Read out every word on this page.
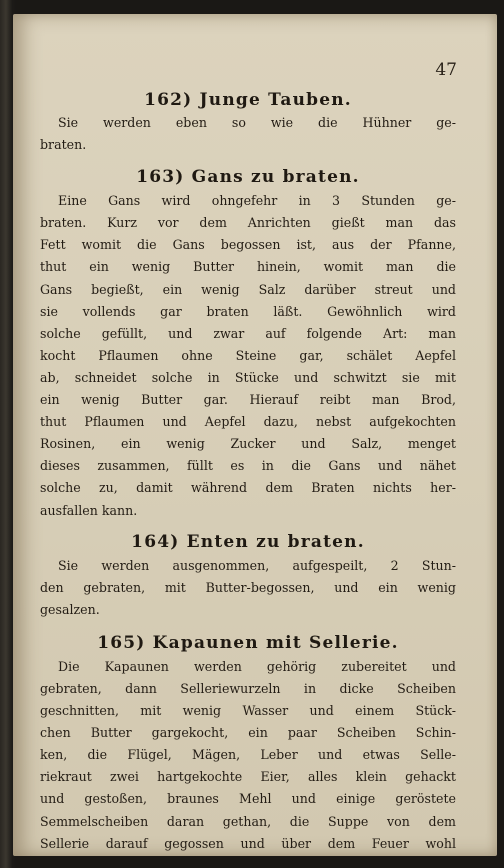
47
162) Junge Tauben.
Sie werden eben so wie die Hühner ge-
braten.
163) Gans zu braten.
Eine Gans wird ohngefehr in 3 Stunden ge-
braten. Kurz vor dem Anrichten gießt man das
Fett womit die Gans begossen ist, aus der Pfanne,
thut ein wenig Butter hinein, womit man die
Gans begießt, ein wenig Salz darüber streut und
sie vollends gar braten läßt. Gewöhnlich wird
solche gefüllt, und zwar auf folgende Art: man
kocht Pflaumen ohne Steine gar, schälet Aepfel
ab, schneidet solche in Stücke und schwitzt sie mit
ein wenig Butter gar. Hierauf reibt man Brod,
thut Pflaumen und Aepfel dazu, nebst aufgekochten
Rosinen, ein wenig Zucker und Salz, menget
dieses zusammen, füllt es in die Gans und nähet
solche zu, damit während dem Braten nichts her-
ausfallen kann.
164) Enten zu braten.
Sie werden ausgenommen, aufgespeilt, 2 Stun-
den gebraten, mit Butter-begossen, und ein wenig
gesalzen.
165) Kapaunen mit Sellerie.
Die Kapaunen werden gehörig zubereitet und
gebraten, dann Selleriewurzeln in dicke Scheiben
geschnitten, mit wenig Wasser und einem Stück-
chen Butter gargekocht, ein paar Scheiben Schin-
ken, die Flügel, Mägen, Leber und etwas Selle-
riekraut zwei hartgekochte Eier, alles klein gehackt
und gestoßen, braunes Mehl und einige geröstete
Semmelscheiben daran gethan, die Suppe von dem
Sellerie darauf gegossen und über dem Feuer wohl
